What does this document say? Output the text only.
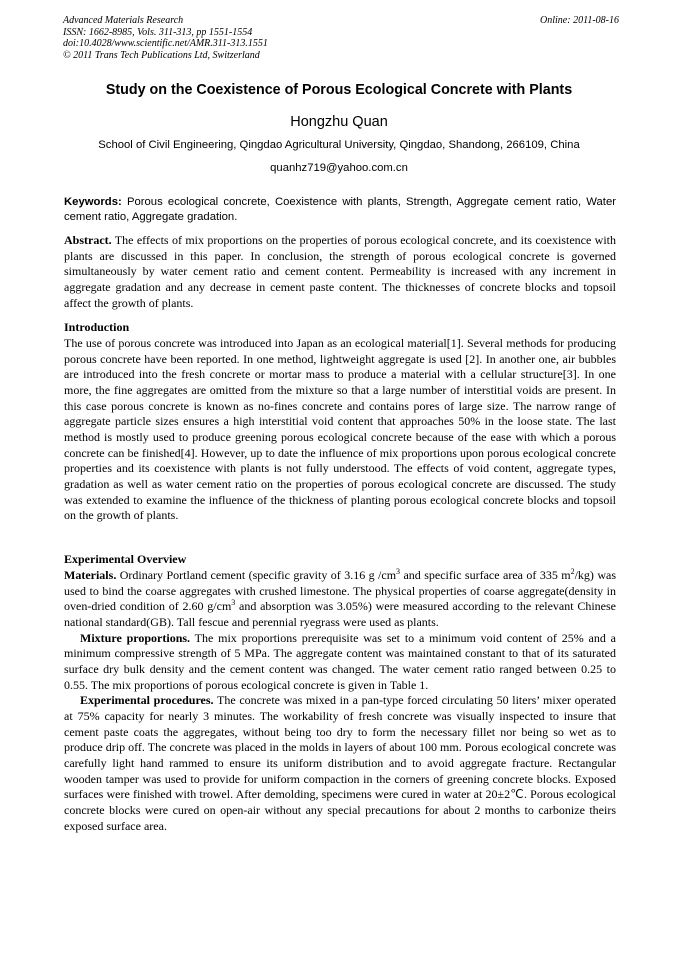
Advanced Materials Research
ISSN: 1662-8985, Vols. 311-313, pp 1551-1554
doi:10.4028/www.scientific.net/AMR.311-313.1551
© 2011 Trans Tech Publications Ltd, Switzerland
Online: 2011-08-16
Study on the Coexistence of Porous Ecological Concrete with Plants
Hongzhu Quan
School of Civil Engineering, Qingdao Agricultural University, Qingdao, Shandong, 266109, China
quanhz719@yahoo.com.cn
Keywords: Porous ecological concrete, Coexistence with plants, Strength, Aggregate cement ratio, Water cement ratio, Aggregate gradation.
Abstract. The effects of mix proportions on the properties of porous ecological concrete, and its coexistence with plants are discussed in this paper. In conclusion, the strength of porous ecological concrete is governed simultaneously by water cement ratio and cement content. Permeability is increased with any increment in aggregate gradation and any decrease in cement paste content. The thicknesses of concrete blocks and topsoil affect the growth of plants.
Introduction
The use of porous concrete was introduced into Japan as an ecological material[1]. Several methods for producing porous concrete have been reported. In one method, lightweight aggregate is used [2]. In another one, air bubbles are introduced into the fresh concrete or mortar mass to produce a material with a cellular structure[3]. In one more, the fine aggregates are omitted from the mixture so that a large number of interstitial voids are present. In this case porous concrete is known as no-fines concrete and contains pores of large size. The narrow range of aggregate particle sizes ensures a high interstitial void content that approaches 50% in the loose state. The last method is mostly used to produce greening porous ecological concrete because of the ease with which a porous concrete can be finished[4]. However, up to date the influence of mix proportions upon porous ecological concrete properties and its coexistence with plants is not fully understood. The effects of void content, aggregate types, gradation as well as water cement ratio on the properties of porous ecological concrete are discussed. The study was extended to examine the influence of the thickness of planting porous ecological concrete blocks and topsoil on the growth of plants.
Experimental Overview
Materials. Ordinary Portland cement (specific gravity of 3.16 g $/cm^3$ and specific surface area of 335 $m^2/kg$) was used to bind the coarse aggregates with crushed limestone. The physical properties of coarse aggregate(density in oven-dried condition of 2.60 $g/cm^3$ and absorption was 3.05%) were measured according to the relevant Chinese national standard(GB). Tall fescue and perennial ryegrass were used as plants.
Mixture proportions. The mix proportions prerequisite was set to a minimum void content of 25% and a minimum compressive strength of 5 MPa. The aggregate content was maintained constant to that of its saturated surface dry bulk density and the cement content was changed. The water cement ratio ranged between 0.25 to 0.55. The mix proportions of porous ecological concrete is given in Table 1.
Experimental procedures. The concrete was mixed in a pan-type forced circulating 50 liters’ mixer operated at 75% capacity for nearly 3 minutes. The workability of fresh concrete was visually inspected to insure that cement paste coats the aggregates, without being too dry to form the necessary fillet nor being so wet as to produce drip off. The concrete was placed in the molds in layers of about 100 mm. Porous ecological concrete was carefully light hand rammed to ensure its uniform distribution and to avoid aggregate fracture. Rectangular wooden tamper was used to provide for uniform compaction in the corners of greening concrete blocks. Exposed surfaces were finished with trowel. After demolding, specimens were cured in water at 20±2℃. Porous ecological concrete blocks were cured on open-air without any special precautions for about 2 months to carbonize theirs exposed surface area.
